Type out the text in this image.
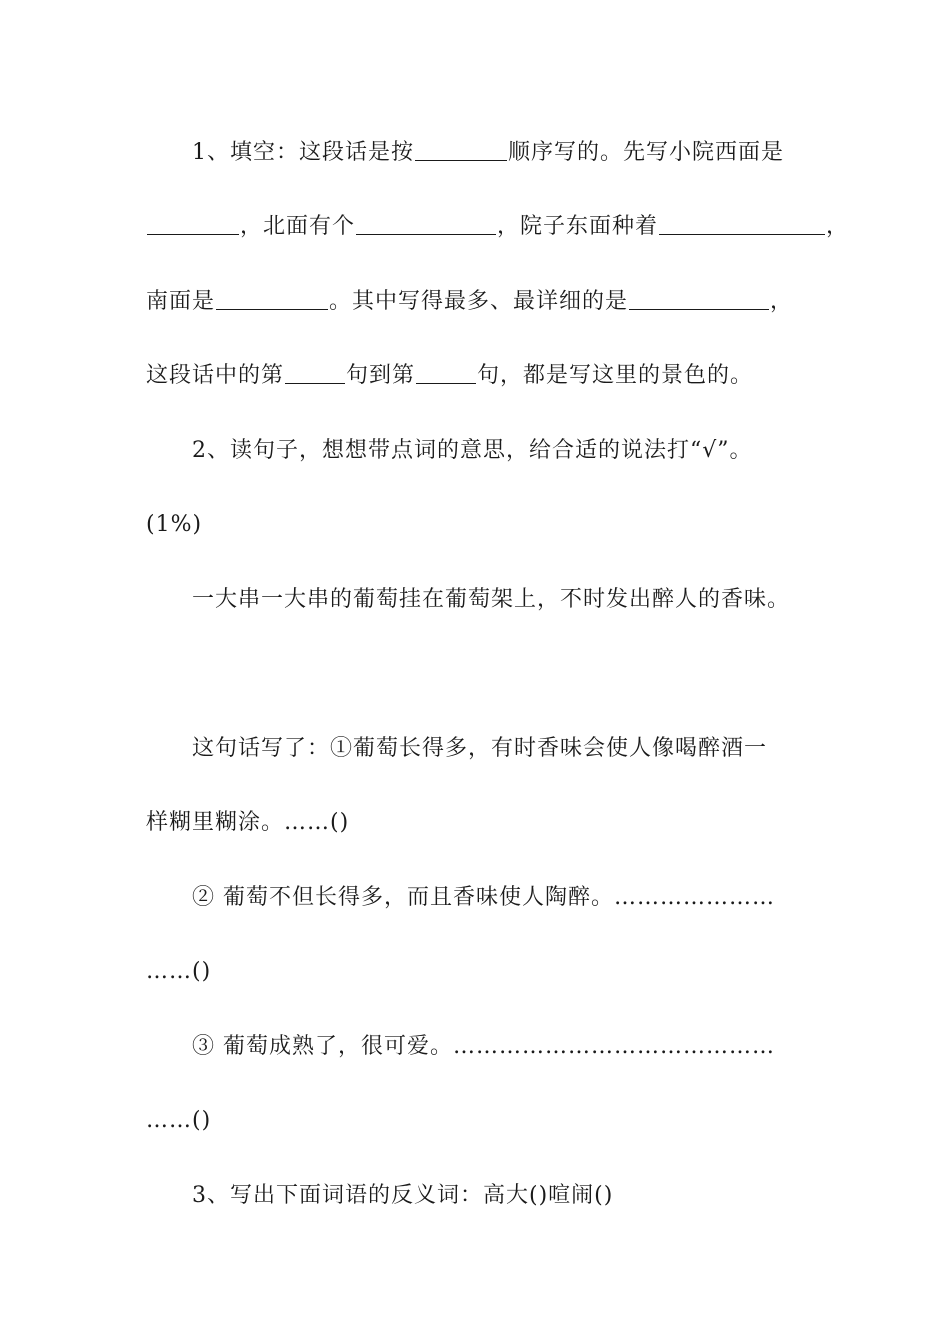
1、填空：这段话是按	顺序写的。先写小院西面是
，北面有个	，院子东面种着	，
南面是	。其中写得最多、最详细的是	，
这段话中的第	句到第	句，都是写这里的景色的。
2、读句子，想想带点词的意思，给合适的说法打“√”。
(1%)
一大串一大串的葡萄挂在葡萄架上，不时发出醉人的香味。
这句话写了：①葡萄长得多，有时香味会使人像喝醉酒一
样糊里糊涂。……()
② 葡萄不但长得多，而且香味使人陶醉。…………………
……()
③ 葡萄成熟了，很可爱。……………………………………
……()
3、写出下面词语的反义词：高大()喧闹()
